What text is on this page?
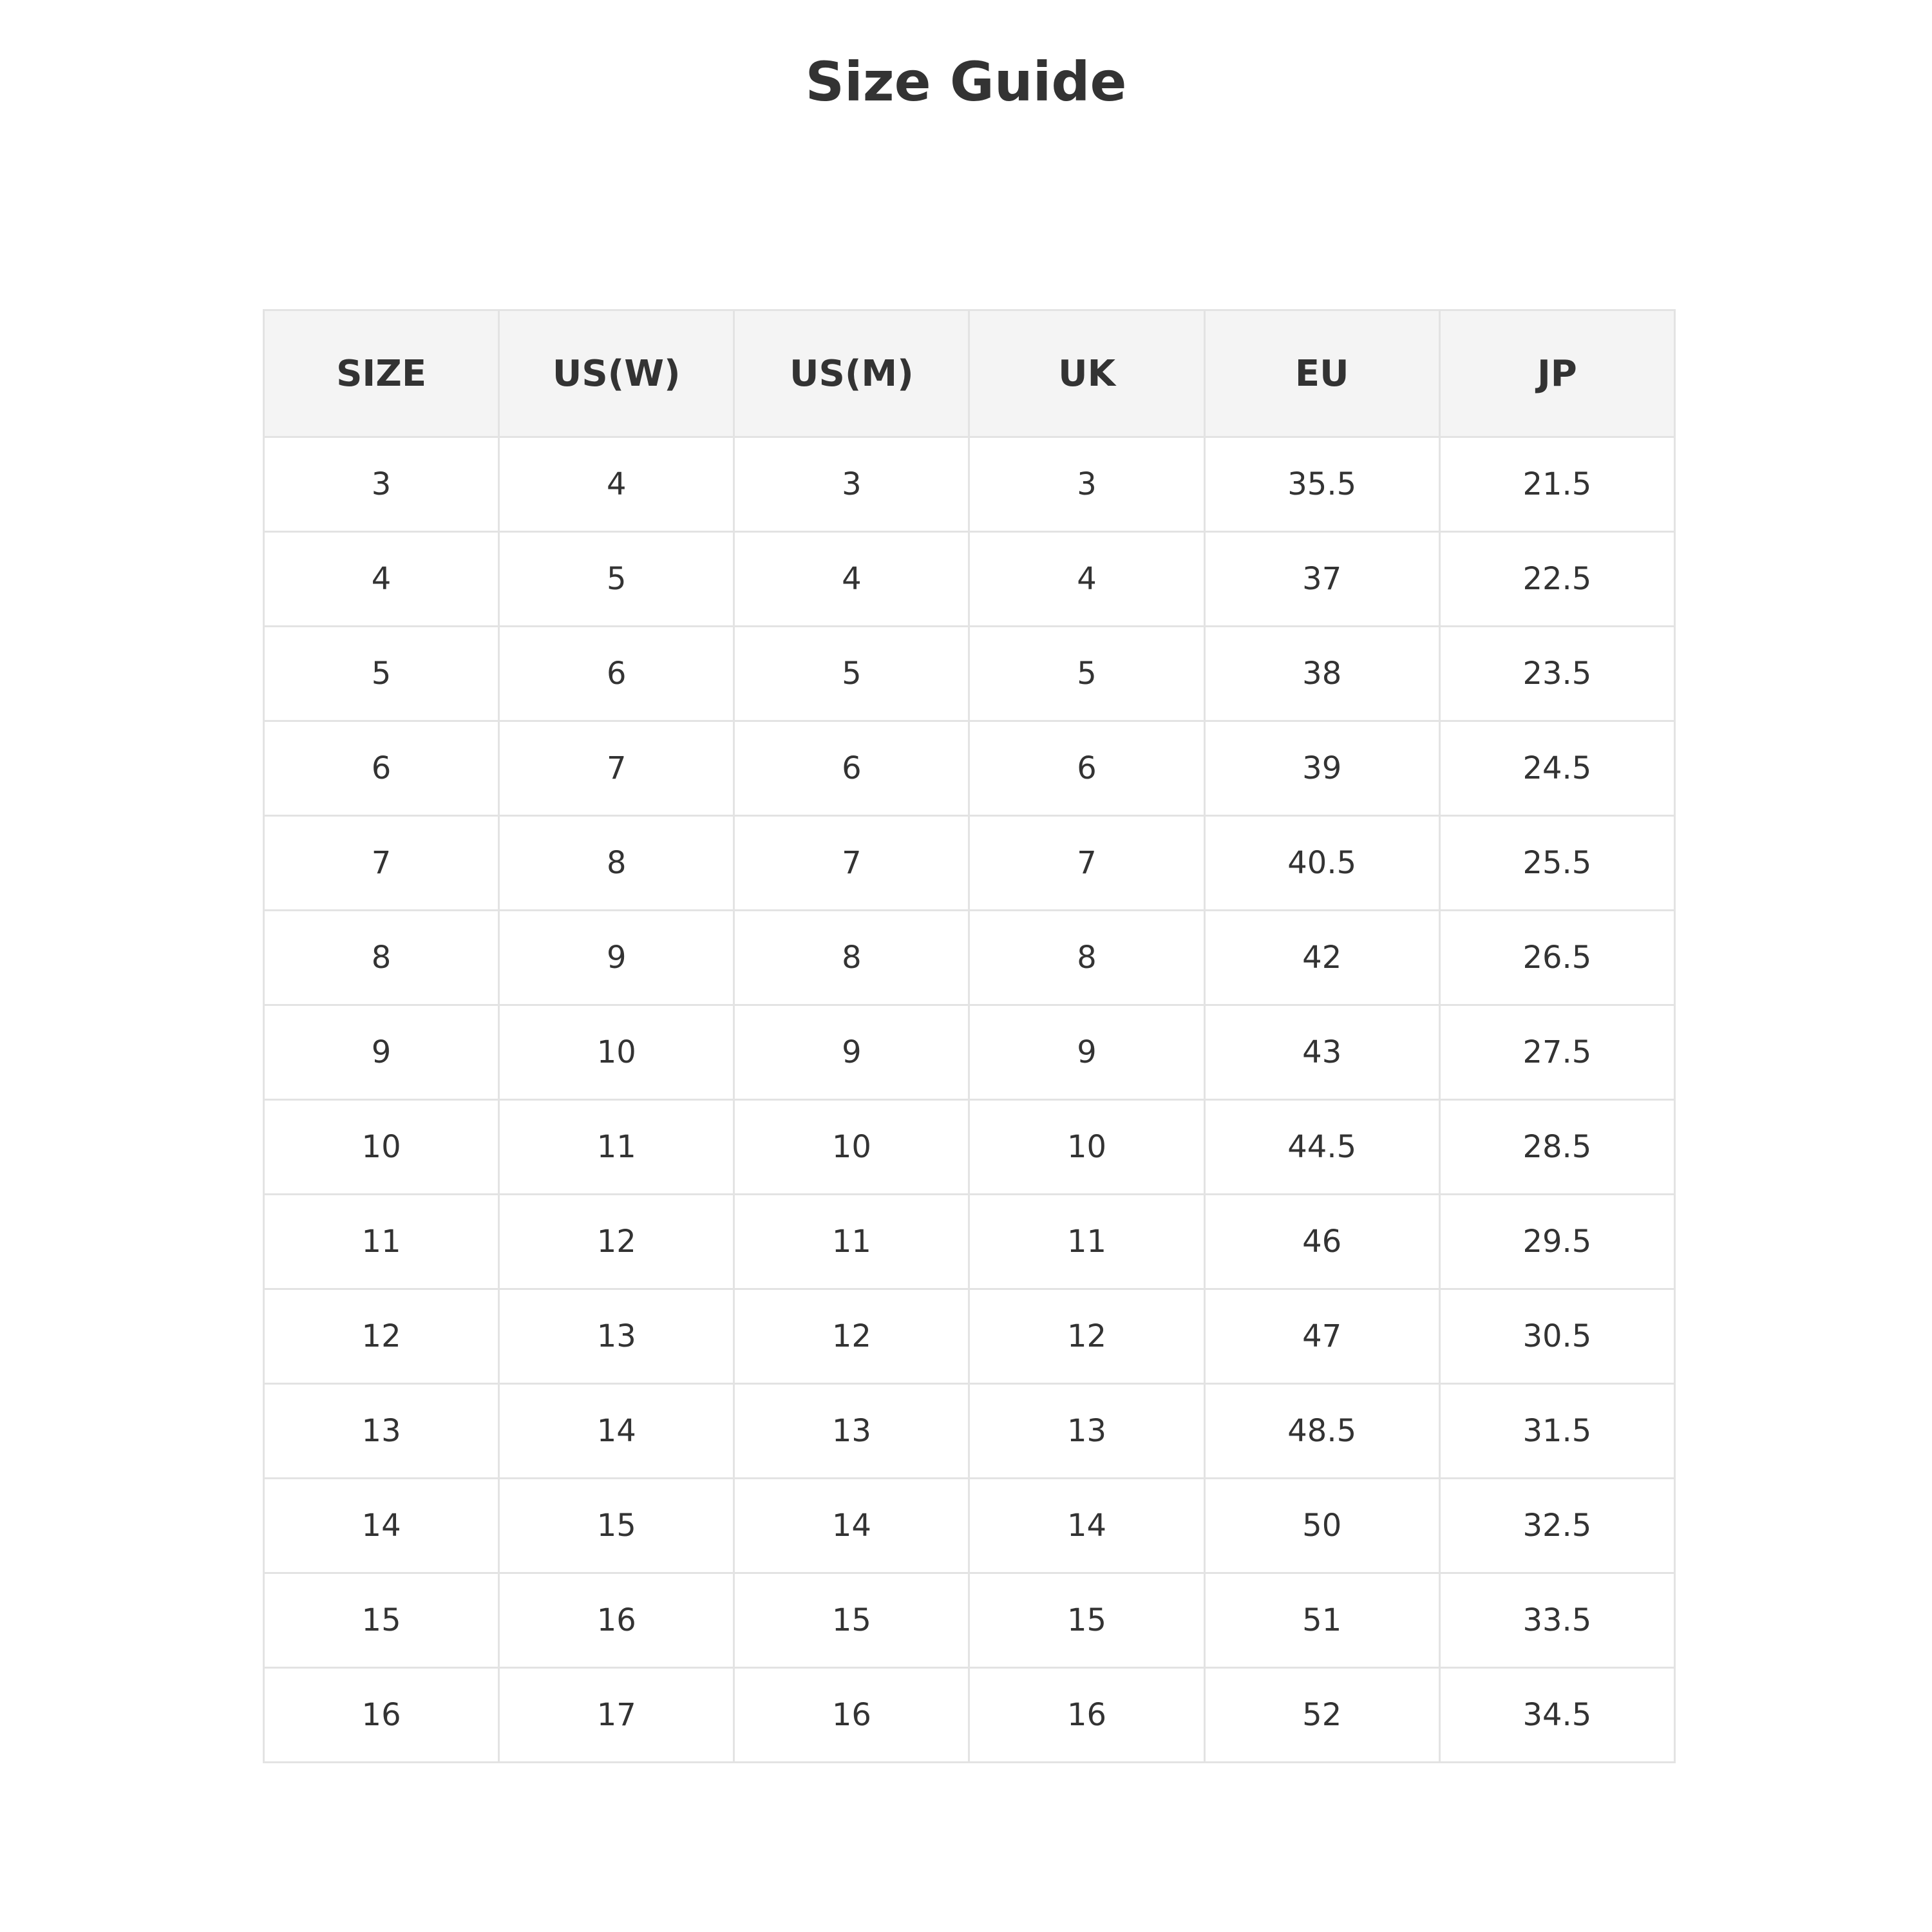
Size Guide
SIZE	US(W)	US(M)	UK	EU	JP
3	4	3	3	35.5	21.5
4	5	4	4	37	22.5
5	6	5	5	38	23.5
6	7	6	6	39	24.5
7	8	7	7	40.5	25.5
8	9	8	8	42	26.5
9	10	9	9	43	27.5
10	11	10	10	44.5	28.5
11	12	11	11	46	29.5
12	13	12	12	47	30.5
13	14	13	13	48.5	31.5
14	15	14	14	50	32.5
15	16	15	15	51	33.5
16	17	16	16	52	34.5
